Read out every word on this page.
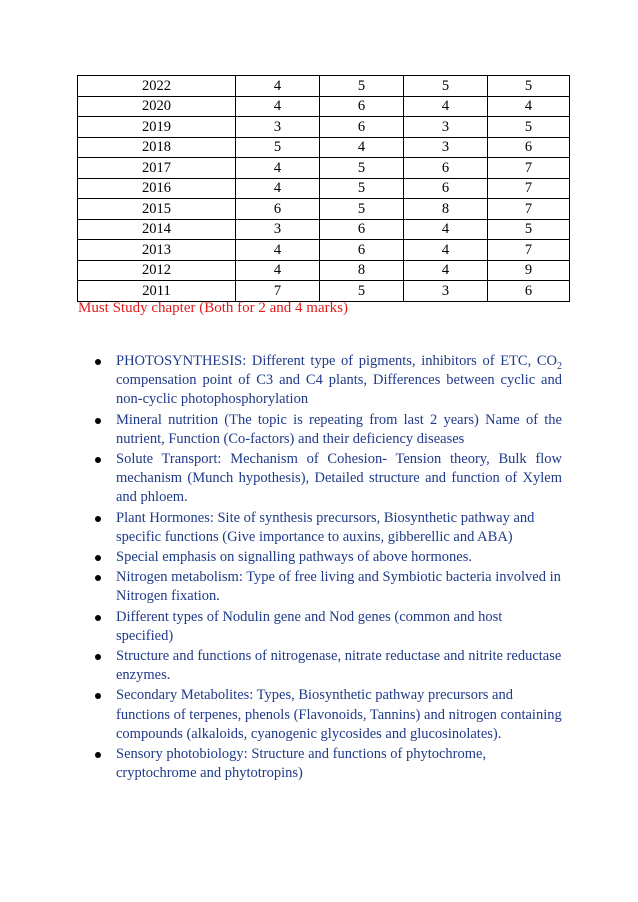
2022	4	5	5	5
2020	4	6	4	4
2019	3	6	3	5
2018	5	4	3	6
2017	4	5	6	7
2016	4	5	6	7
2015	6	5	8	7
2014	3	6	4	5
2013	4	6	4	7
2012	4	8	4	9
2011	7	5	3	6
Must Study chapter (Both for 2 and 4 marks)
PHOTOSYNTHESIS: Different type of pigments, inhibitors of ETC, $CO_2$ compensation point of C3 and C4 plants, Differences between cyclic and non-cyclic photophosphorylation
Mineral nutrition (The topic is repeating from last 2 years) Name of the nutrient, Function (Co-factors) and their deficiency diseases
Solute Transport: Mechanism of Cohesion- Tension theory, Bulk flow mechanism (Munch hypothesis), Detailed structure and function of Xylem and phloem.
Plant Hormones: Site of synthesis precursors, Biosynthetic pathway and specific functions (Give importance to auxins, gibberellic and ABA)
Special emphasis on signalling pathways of above hormones.
Nitrogen metabolism: Type of free living and Symbiotic bacteria involved in Nitrogen fixation.
Different types of Nodulin gene and Nod genes (common and host specified)
Structure and functions of nitrogenase, nitrate reductase and nitrite reductase enzymes.
Secondary Metabolites: Types, Biosynthetic pathway precursors and functions of terpenes, phenols (Flavonoids, Tannins) and nitrogen containing compounds (alkaloids, cyanogenic glycosides and glucosinolates).
Sensory photobiology: Structure and functions of phytochrome, cryptochrome and phytotropins)
